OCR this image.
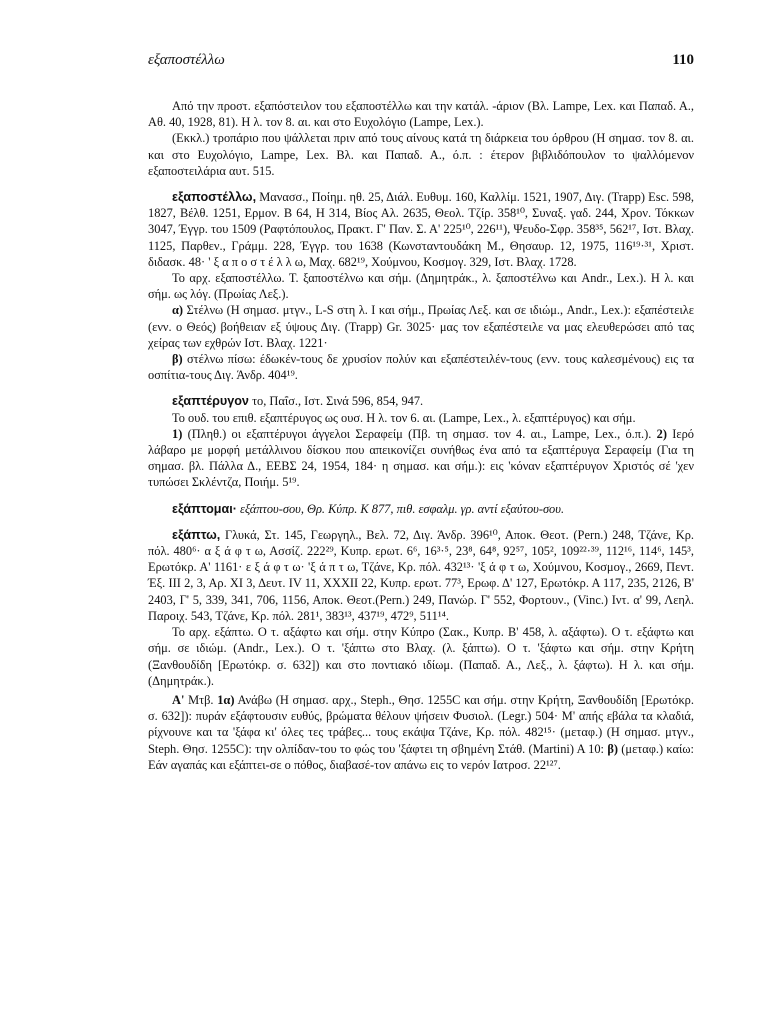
εξαποστέλλω	110

Από την προστ. εξαπόστειλον του εξαποστέλλω και την κατάλ. -άριον (Βλ. Lampe, Lex. και Παπαδ. Α., Αθ. 40, 1928, 81). Η λ. τον 8. αι. και στο Ευχολόγιο (Lampe, Lex.).

(Εκκλ.) τροπάριο που ψάλλεται πριν από τους αίνους κατά τη διάρκεια του όρθρου (Η σημασ. τον 8. αι. και στο Ευχολόγιο, Lampe, Lex. Βλ. και Παπαδ. Α., ό.π. : έτερον βιβλιδόπουλον το ψαλλόμενον εξαποστειλάρια αυτ. 515.

εξαποστέλλω, Μανασσ., Ποίημ. ηθ. 25, Διάλ. Ευθυμ. 160, Καλλίμ. 1521, 1907, Διγ. (Trapp) Esc. 598, 1827, Βέλθ. 1251, Ερμον. Β 64, Η 314, Βίος Αλ. 2635, Θεολ. Τζίρ. 358¹⁰, Συναξ. γαδ. 244, Χρον. Τόκκων 3047, Έγγρ. του 1509 (Ραφτόπουλος, Πρακτ. Γ' Παν. Σ. Α' 225¹⁰, 226¹¹), Ψευδο-Σφρ. 358³⁵, 562¹⁷, Ιστ. Βλαχ. 1125, Παρθεν., Γράμμ. 228, Έγγρ. του 1638 (Κωνσταντουδάκη Μ., Θησαυρ. 12, 1975, 116¹⁹·³¹, Χριστ. διδασκ. 48· ' ξ α π ο σ τ έ λ λ ω, Μαχ. 682¹⁹, Χούμνου, Κοσμογ. 329, Ιστ. Βλαχ. 1728.

Το αρχ. εξαποστέλλω. Τ. ξαποστέλνω και σήμ. (Δημητράκ., λ. ξαποστέλνω και Andr., Lex.). Η λ. και σήμ. ως λόγ. (Πρωίας Λεξ.).

α) Στέλνω (Η σημασ. μτγν., L-S στη λ. I και σήμ., Πρωίας Λεξ. και σε ιδιώμ., Andr., Lex.): εξαπέστειλε (ενν. ο Θεός) βοήθειαν εξ ύψους Διγ. (Trapp) Gr. 3025· μας τον εξαπέστειλε να μας ελευθερώσει από τας χείρας των εχθρών Ιστ. Βλαχ. 1221·

β) στέλνω πίσω: έδωκέν-τους δε χρυσίον πολύν και εξαπέστειλέν-τους (ενν. τους καλεσμένους) εις τα οσπίτια-τους Διγ. Άνδρ. 404¹⁹.

εξαπτέρυγον το, Παΐσ., Ιστ. Σινά 596, 854, 947.

Το ουδ. του επιθ. εξαπτέρυγος ως ουσ. Η λ. τον 6. αι. (Lampe, Lex., λ. εξαπτέρυγος) και σήμ.

1) (Πληθ.) οι εξαπτέρυγοι άγγελοι Σεραφείμ (Πβ. τη σημασ. τον 4. αι., Lampe, Lex., ό.π.). 2) Ιερό λάβαρο με μορφή μετάλλινου δίσκου που απεικονίζει συνήθως ένα από τα εξαπτέρυγα Σεραφείμ (Για τη σημασ. βλ. Πάλλα Δ., ΕΕΒΣ 24, 1954, 184· η σημασ. και σήμ.): εις 'κόναν εξαπτέρυγον Χριστός σέ 'χεν τυπώσει Σκλέντζα, Ποιήμ. 5¹⁹.

εξάπτομαι· εξάπτου-σου, Θρ. Κύπρ. Κ 877, πιθ. εσφαλμ. γρ. αντί εξαύτου-σου.

εξάπτω, Γλυκά, Στ. 145, Γεωργηλ., Βελ. 72, Διγ. Άνδρ. 396¹⁰, Αποκ. Θεοτ. (Pern.) 248, Τζάνε, Κρ. πόλ. 480⁶· α ξ ά φ τ ω, Ασσίζ. 222²⁹, Κυπρ. ερωτ. 6⁶, 16³·⁵, 23⁸, 64⁸, 92⁵⁷, 105², 109²²·³⁹, 112¹⁶, 114⁶, 145³, Ερωτόκρ. Α' 1161· ε ξ ά φ τ ω· 'ξ ά π τ ω, Τζάνε, Κρ. πόλ. 432¹³· 'ξ ά φ τ ω, Χούμνου, Κοσμογ., 2669, Πεντ. Έξ. ΙΙΙ 2, 3, Αρ. ΧΙ 3, Δευτ. IV 11, ΧΧΧΙΙ 22, Κυπρ. ερωτ. 77³, Ερωφ. Δ' 127, Ερωτόκρ. Α 117, 235, 2126, Β' 2403, Γ' 5, 339, 341, 706, 1156, Αποκ. Θεοτ.(Pern.) 249, Πανώρ. Γ' 552, Φορτουν., (Vinc.) Ιντ. α' 99, Λεηλ. Παροιχ. 543, Τζάνε, Κρ. πόλ. 281¹, 383¹³, 437¹⁹, 472⁹, 511¹⁴.

Το αρχ. εξάπτω. Ο τ. αξάφτω και σήμ. στην Κύπρο (Σακ., Κυπρ. Β' 458, λ. αξάφτω). Ο τ. εξάφτω και σήμ. σε ιδιώμ. (Andr., Lex.). Ο τ. 'ξάπτω στο Βλαχ. (λ. ξάπτω). Ο τ. 'ξάφτω και σήμ. στην Κρήτη (Ξανθουδίδη [Ερωτόκρ. σ. 632]) και στο ποντιακό ιδίωμ. (Παπαδ. Α., Λεξ., λ. ξάφτω). Η λ. και σήμ. (Δημητράκ.).

Α' Μτβ. 1α) Ανάβω (Η σημασ. αρχ., Steph., Θησ. 1255C και σήμ. στην Κρήτη, Ξανθουδίδη [Ερωτόκρ. σ. 632]): πυράν εξάφτουσιν ευθύς, βρώματα θέλουν ψήσειν Φυσιολ. (Legr.) 504· Μ' απής εβάλα τα κλαδιά, ρίχνουνε και τα 'ξάφα κι' όλες τες τράβες... τους εκάψα Τζάνε, Κρ. πόλ. 482¹⁵· (μεταφ.) (Η σημασ. μτγν., Steph. Θησ. 1255C): την ολπίδαν-του το φώς του 'ξάφτει τη σβημένη Στάθ. (Martini) Α 10: β) (μεταφ.) καίω: Εάν αγαπάς και εξάπτει-σε ο πόθος, διαβασέ-τον απάνω εις το νερόν Ιατροσ. 22¹²⁷.
